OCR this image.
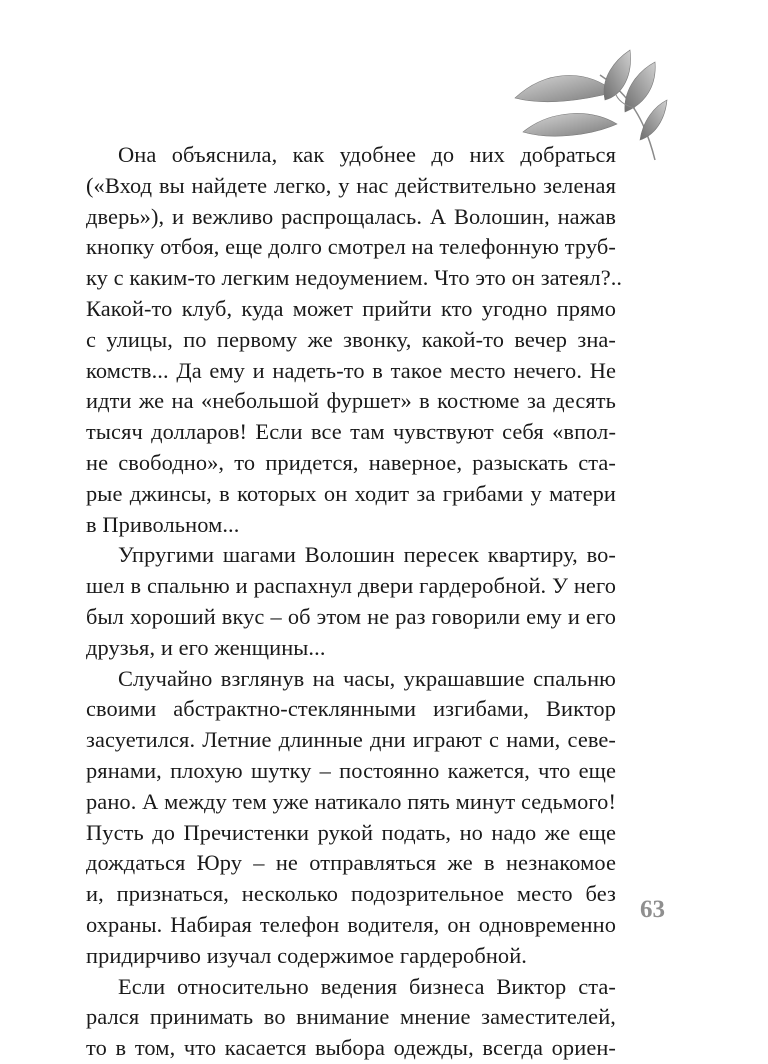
Она объяснила, как удобнее до них добраться
(«Вход вы найдете легко, у нас действительно зеленая
дверь»), и вежливо распрощалась. А Волошин, нажав
кнопку отбоя, еще долго смотрел на телефонную труб-
ку с каким-то легким недоумением. Что это он затеял?..
Какой-то клуб, куда может прийти кто угодно прямо
с улицы, по первому же звонку, какой-то вечер зна-
комств... Да ему и надеть-то в такое место нечего. Не
идти же на «небольшой фуршет» в костюме за десять
тысяч долларов! Если все там чувствуют себя «впол-
не свободно», то придется, наверное, разыскать ста-
рые джинсы, в которых он ходит за грибами у матери
в Привольном...
Упругими шагами Волошин пересек квартиру, во-
шел в спальню и распахнул двери гардеробной. У него
был хороший вкус – об этом не раз говорили ему и его
друзья, и его женщины...
Случайно взглянув на часы, украшавшие спальню
своими абстрактно-стеклянными изгибами, Виктор
засуетился. Летние длинные дни играют с нами, севе-
рянами, плохую шутку – постоянно кажется, что еще
рано. А между тем уже натикало пять минут седьмого!
Пусть до Пречистенки рукой подать, но надо же еще
дождаться Юру – не отправляться же в незнакомое
и, признаться, несколько подозрительное место без
охраны. Набирая телефон водителя, он одновременно
придирчиво изучал содержимое гардеробной.
Если относительно ведения бизнеса Виктор ста-
рался принимать во внимание мнение заместителей,
то в том, что касается выбора одежды, всегда ориен-
63
